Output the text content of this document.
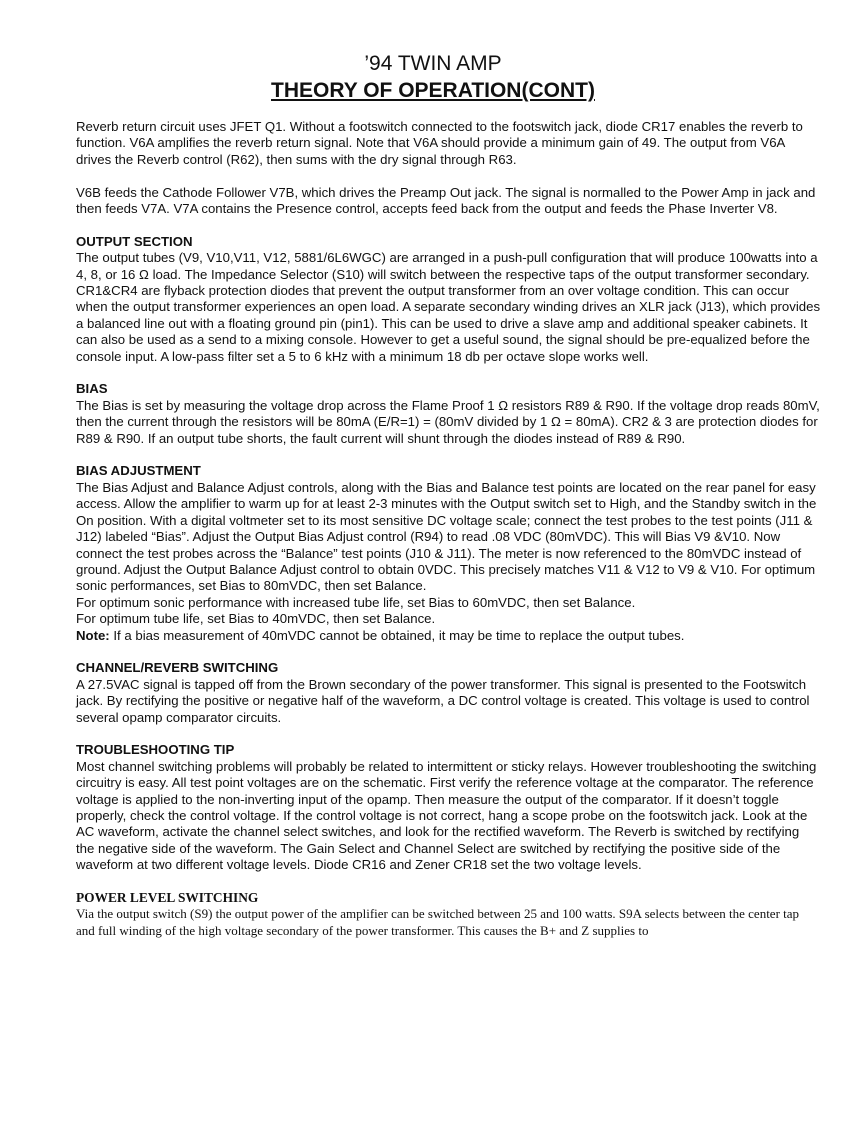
’94 TWIN AMP
THEORY OF OPERATION(CONT)

Reverb return circuit uses JFET Q1. Without a footswitch connected to the footswitch jack, diode CR17 enables the reverb to function. V6A amplifies the reverb return signal. Note that V6A should provide a minimum gain of 49. The output from V6A drives the Reverb control (R62), then sums with the dry signal through R63.

V6B feeds the Cathode Follower V7B, which drives the Preamp Out jack. The signal is normalled to the Power Amp in jack and then feeds V7A. V7A contains the Presence control, accepts feed back from the output and feeds the Phase Inverter V8.

OUTPUT SECTION

The output tubes (V9, V10,V11, V12, 5881/6L6WGC) are arranged in a push-pull configuration that will produce 100watts into a 4, 8, or 16 Ω load. The Impedance Selector (S10) will switch between the respective taps of the output transformer secondary. CR1&CR4 are flyback protection diodes that prevent the output transformer from an over voltage condition. This can occur when the output transformer experiences an open load. A separate secondary winding drives an XLR jack (J13), which provides a balanced line out with a floating ground pin (pin1). This can be used to drive a slave amp and additional speaker cabinets. It can also be used as a send to a mixing console. However to get a useful sound, the signal should be pre-equalized before the console input. A low-pass filter set a 5 to 6 kHz with a minimum 18 db per octave slope works well.

BIAS

The Bias is set by measuring the voltage drop across the Flame Proof 1 Ω resistors R89 & R90. If the voltage drop reads 80mV, then the current through the resistors will be 80mA (E/R=1) = (80mV divided by 1 Ω = 80mA). CR2 & 3 are protection diodes for R89 & R90. If an output tube shorts, the fault current will shunt through the diodes instead of R89 & R90.

BIAS ADJUSTMENT

The Bias Adjust and Balance Adjust controls, along with the Bias and Balance test points are located on the rear panel for easy access. Allow the amplifier to warm up for at least 2-3 minutes with the Output switch set to High, and the Standby switch in the On position. With a digital voltmeter set to its most sensitive DC voltage scale; connect the test probes to the test points (J11 & J12) labeled “Bias”. Adjust the Output Bias Adjust control (R94) to read .08 VDC (80mVDC). This will Bias V9 &V10. Now connect the test probes across the “Balance” test points (J10 & J11). The meter is now referenced to the 80mVDC instead of ground. Adjust the Output Balance Adjust control to obtain 0VDC. This precisely matches V11 & V12 to V9 & V10. For optimum sonic performances, set Bias to 80mVDC, then set Balance.

For optimum sonic performance with increased tube life, set Bias to 60mVDC, then set Balance.

For optimum tube life, set Bias to 40mVDC, then set Balance.

Note: If a bias measurement of 40mVDC cannot be obtained, it may be time to replace the output tubes.

CHANNEL/REVERB SWITCHING

A 27.5VAC signal is tapped off from the Brown secondary of the power transformer. This signal is presented to the Footswitch jack. By rectifying the positive or negative half of the waveform, a DC control voltage is created. This voltage is used to control several opamp comparator circuits.

TROUBLESHOOTING TIP

Most channel switching problems will probably be related to intermittent or sticky relays. However troubleshooting the switching circuitry is easy. All test point voltages are on the schematic. First verify the reference voltage at the comparator. The reference voltage is applied to the non-inverting input of the opamp. Then measure the output of the comparator. If it doesn’t toggle properly, check the control voltage. If the control voltage is not correct, hang a scope probe on the footswitch jack. Look at the AC waveform, activate the channel select switches, and look for the rectified waveform. The Reverb is switched by rectifying the negative side of the waveform. The Gain Select and Channel Select are switched by rectifying the positive side of the waveform at two different voltage levels. Diode CR16 and Zener CR18 set the two voltage levels.

POWER LEVEL SWITCHING

Via the output switch (S9) the output power of the amplifier can be switched between 25 and 100 watts. S9A selects between the center tap and full winding of the high voltage secondary of the power transformer. This causes the B+ and Z supplies to
